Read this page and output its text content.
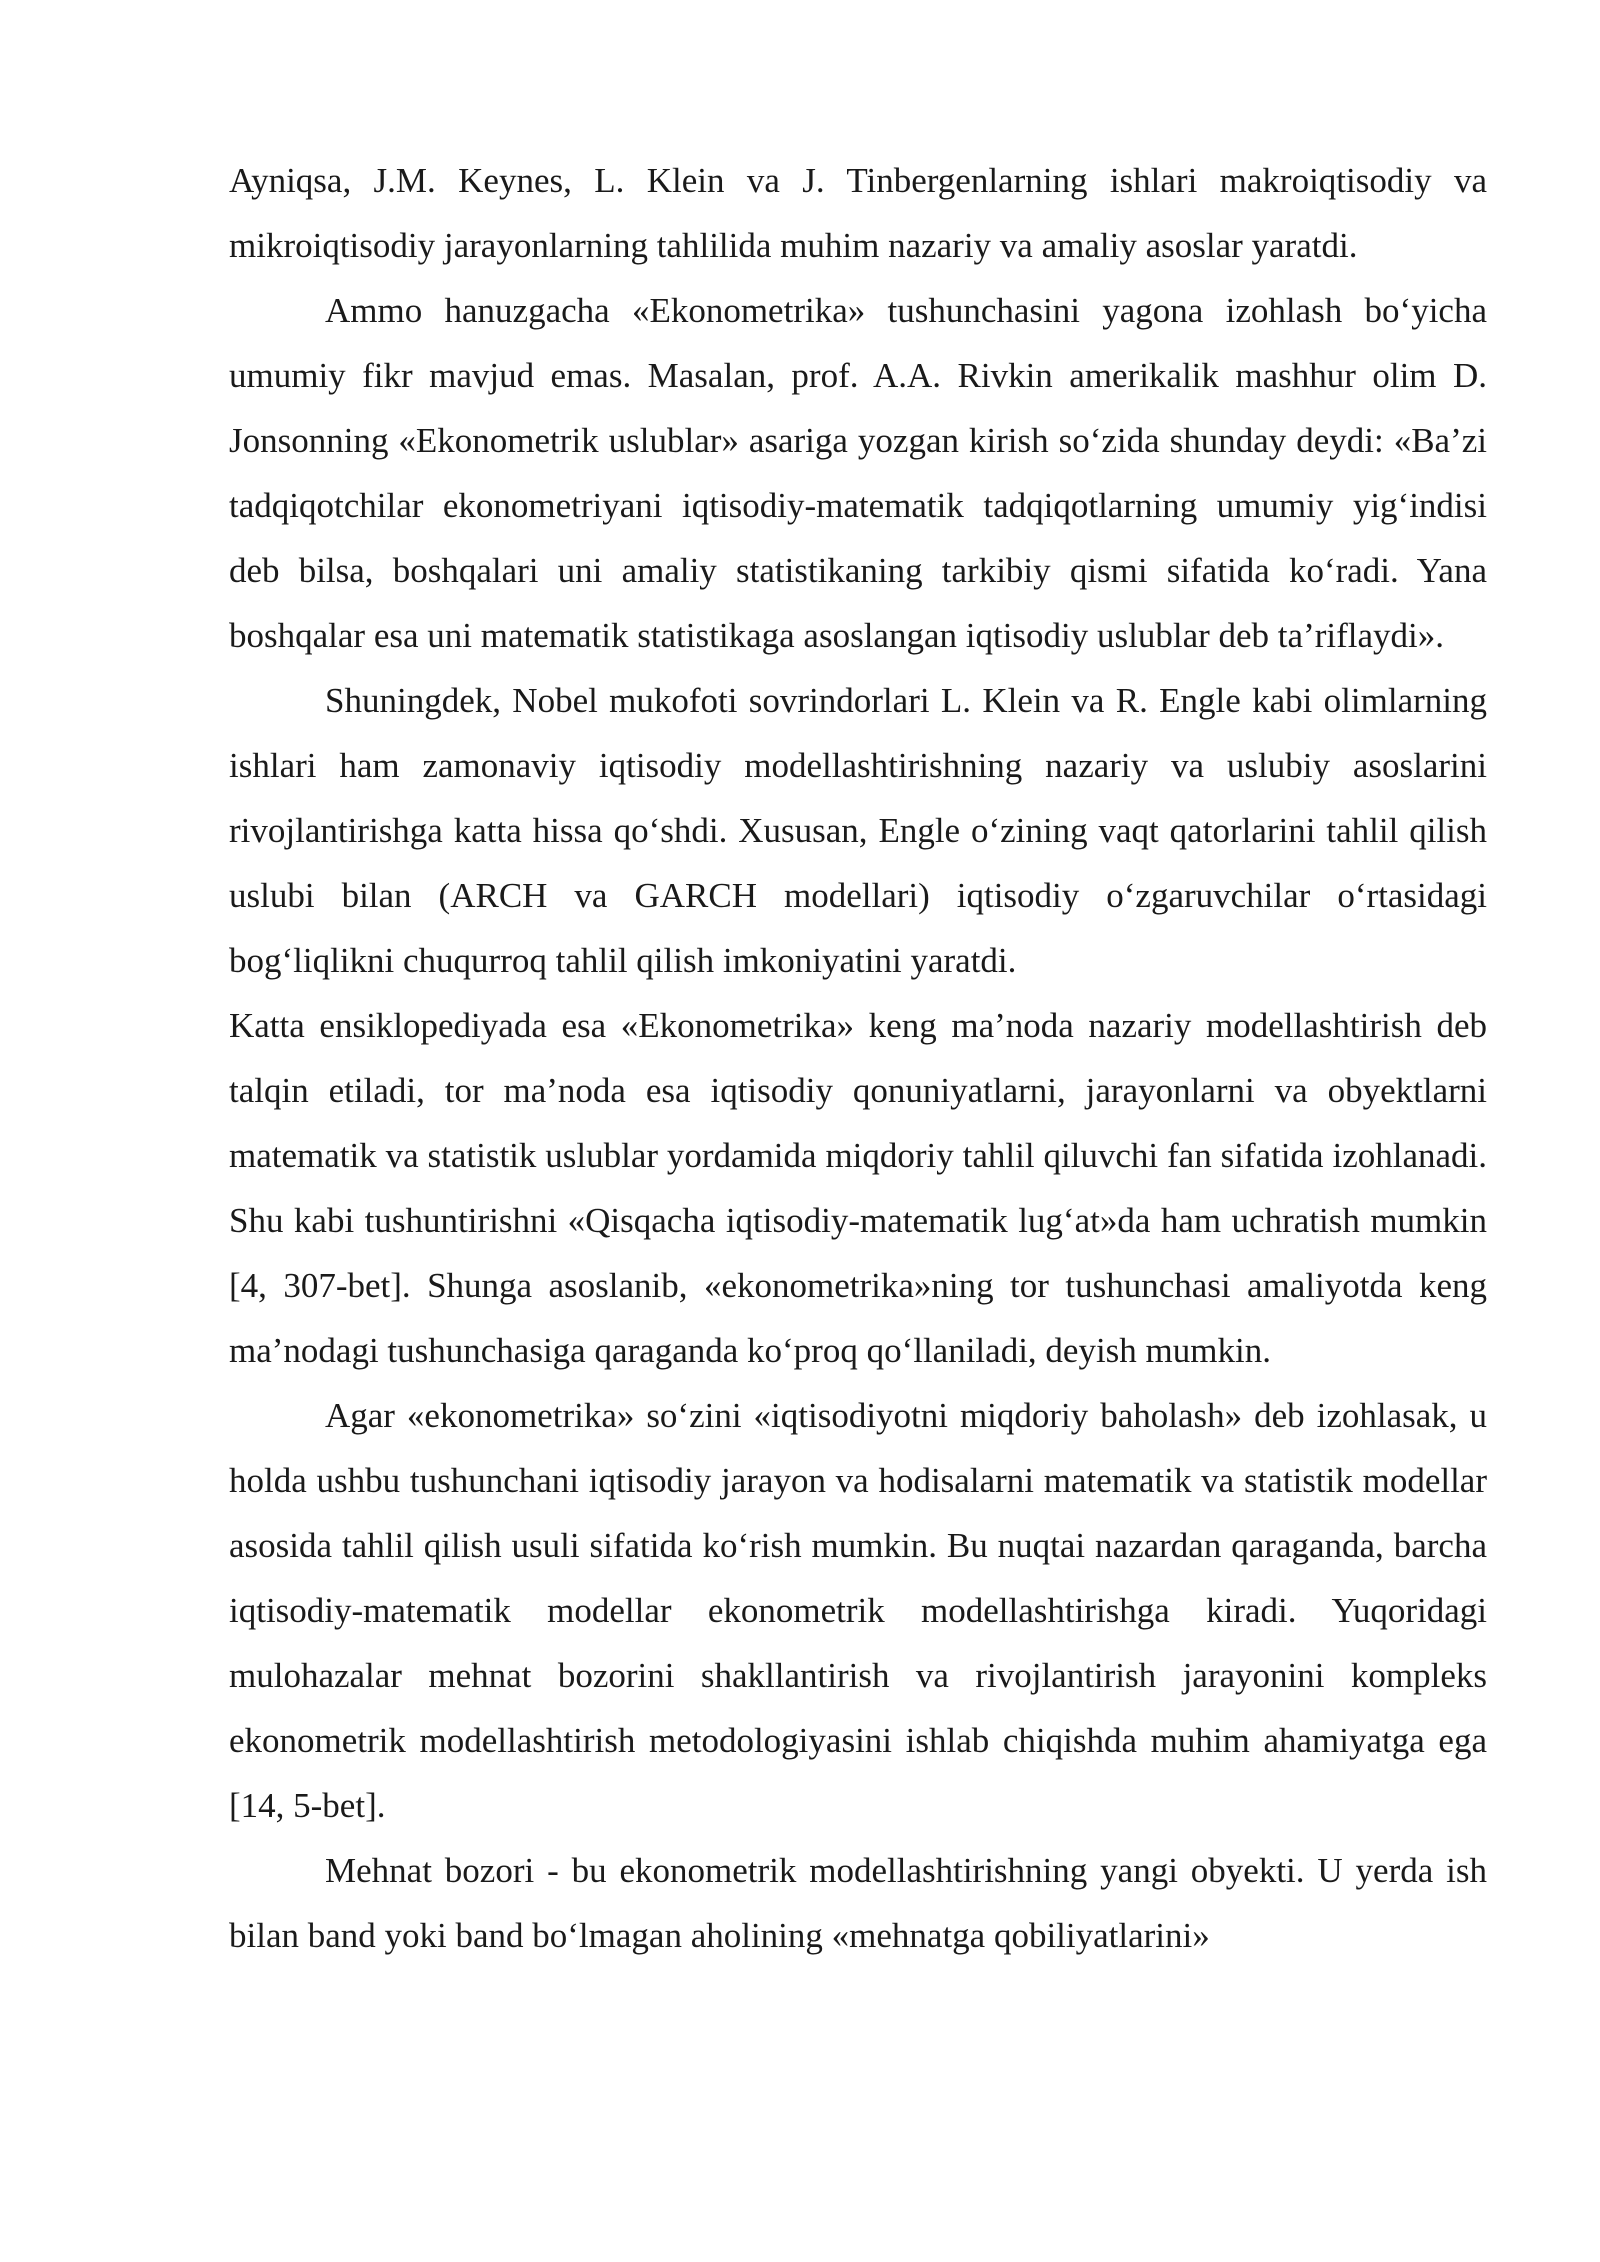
Ayniqsa, J.M. Keynes, L. Klein va J. Tinbergenlarning ishlari makroiqtisodiy va mikroiqtisodiy jarayonlarning tahlilida muhim nazariy va amaliy asoslar yaratdi.

Ammo hanuzgacha «Ekonometrika» tushunchasini yagona izohlash bo‘yicha umumiy fikr mavjud emas. Masalan, prof. A.A. Rivkin amerikalik mashhur olim D. Jonsonning «Ekonometrik uslublar» asariga yozgan kirish so‘zida shunday deydi: «Ba’zi tadqiqotchilar ekonometriyani iqtisodiy-matematik tadqiqotlarning umumiy yig‘indisi deb bilsa, boshqalari uni amaliy statistikaning tarkibiy qismi sifatida ko‘radi. Yana boshqalar esa uni matematik statistikaga asoslangan iqtisodiy uslublar deb ta’riflaydi».

Shuningdek, Nobel mukofoti sovrindorlari L. Klein va R. Engle kabi olimlarning ishlari ham zamonaviy iqtisodiy modellashtirishning nazariy va uslubiy asoslarini rivojlantirishga katta hissa qo‘shdi. Xususan, Engle o‘zining vaqt qatorlarini tahlil qilish uslubi bilan (ARCH va GARCH modellari) iqtisodiy o‘zgaruvchilar o‘rtasidagi bog‘liqlikni chuqurroq tahlil qilish imkoniyatini yaratdi.

Katta ensiklopediyada esa «Ekonometrika» keng ma’noda nazariy modellashtirish deb talqin etiladi, tor ma’noda esa iqtisodiy qonuniyatlarni, jarayonlarni va obyektlarni matematik va statistik uslublar yordamida miqdoriy tahlil qiluvchi fan sifatida izohlanadi. Shu kabi tushuntirishni «Qisqacha iqtisodiy-matematik lug‘at»da ham uchratish mumkin [4, 307-bet]. Shunga asoslanib, «ekonometrika»ning tor tushunchasi amaliyotda keng ma’nodagi tushunchasiga qaraganda ko‘proq qo‘llaniladi, deyish mumkin.

Agar «ekonometrika» so‘zini «iqtisodiyotni miqdoriy baholash» deb izohlasak, u holda ushbu tushunchani iqtisodiy jarayon va hodisalarni matematik va statistik modellar asosida tahlil qilish usuli sifatida ko‘rish mumkin. Bu nuqtai nazardan qaraganda, barcha iqtisodiy-matematik modellar ekonometrik modellashtirishga kiradi. Yuqoridagi mulohazalar mehnat bozorini shakllantirish va rivojlantirish jarayonini kompleks ekonometrik modellashtirish metodologiyasini ishlab chiqishda muhim ahamiyatga ega [14, 5-bet].

Mehnat bozori - bu ekonometrik modellashtirishning yangi obyekti. U yerda ish bilan band yoki band bo‘lmagan aholining «mehnatga qobiliyatlarini»
